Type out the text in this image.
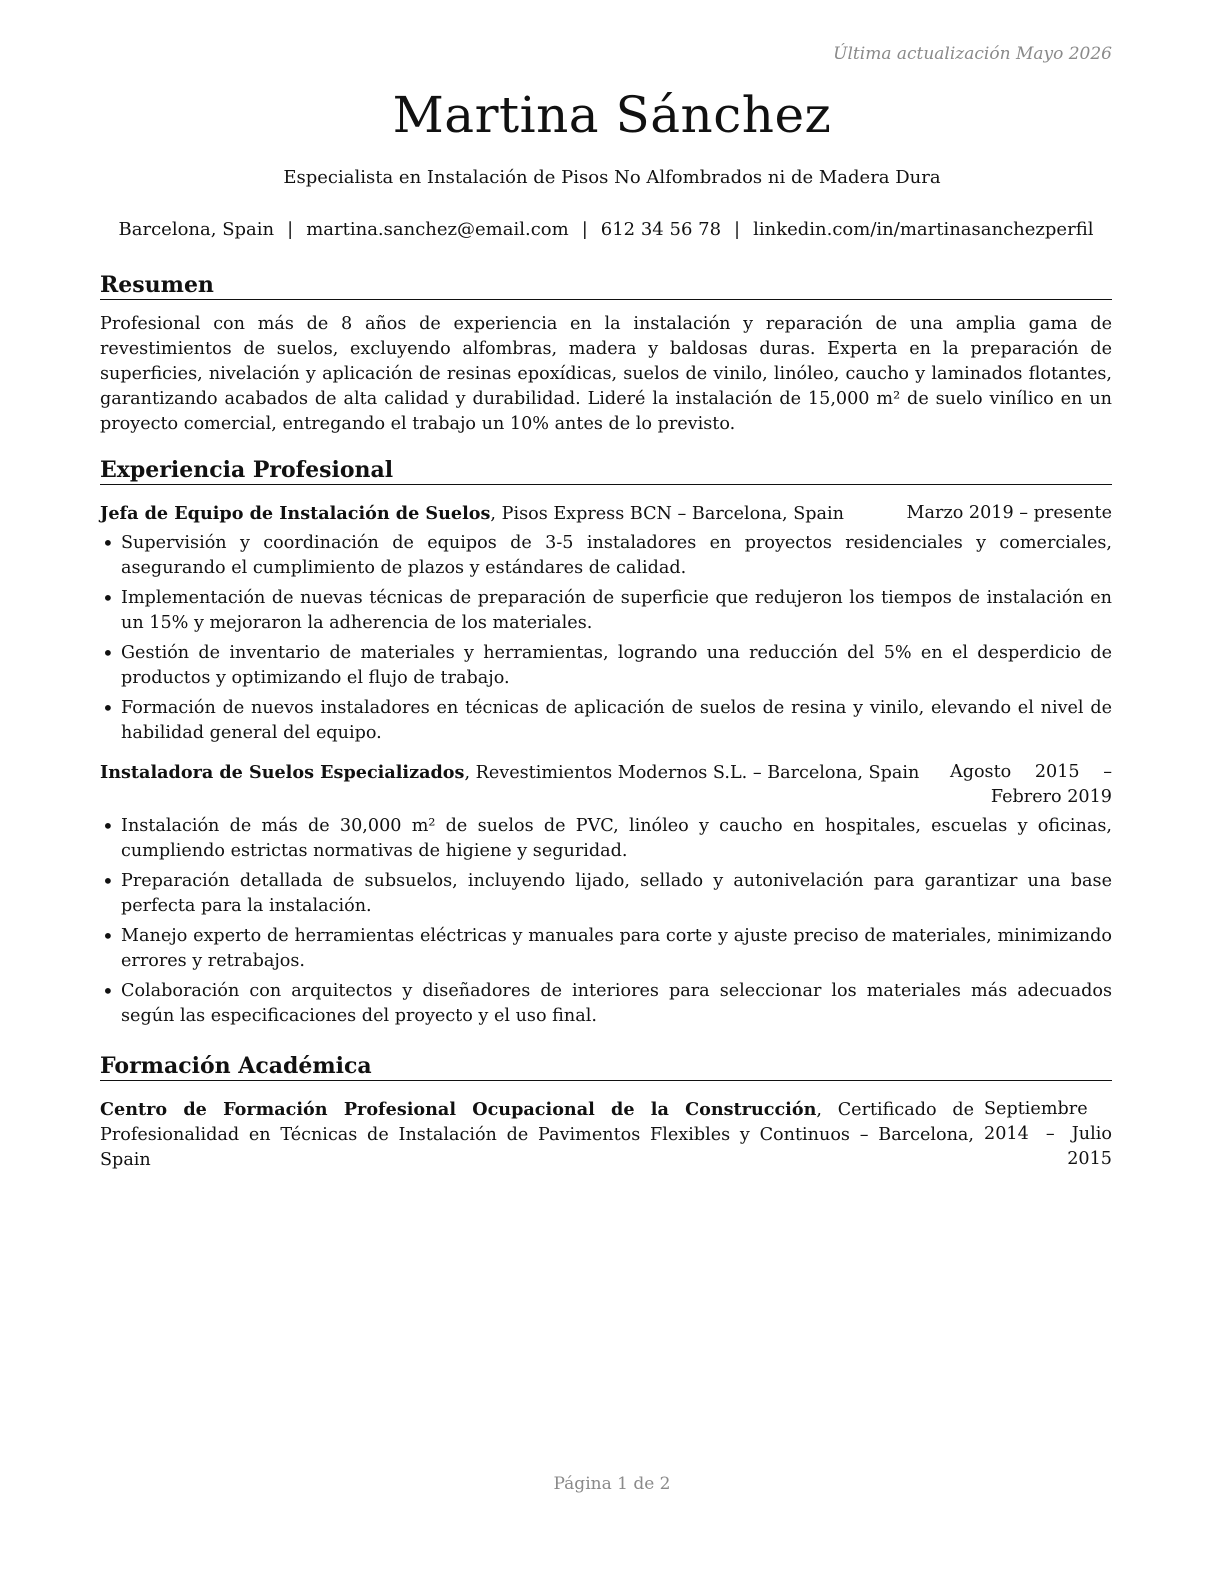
Última actualización Mayo 2026
Martina Sánchez
Especialista en Instalación de Pisos No Alfombrados ni de Madera Dura
Barcelona, Spain | martina.sanchez@email.com | 612 34 56 78 | linkedin.com/in/martinasanchezperfil
Resumen

Profesional con más de 8 años de experiencia en la instalación y reparación de una amplia gama de revestimientos de suelos, excluyendo alfombras, madera y baldosas duras. Experta en la preparación de superficies, nivelación y aplicación de resinas epoxídicas, suelos de vinilo, linóleo, caucho y laminados flotantes, garantizando acabados de alta calidad y durabilidad. Lideré la instalación de 15,000 m² de suelo vinílico en un proyecto comercial, entregando el trabajo un 10% antes de lo previsto.

Experiencia Profesional
Jefa de Equipo de Instalación de Suelos, Pisos Express BCN – Barcelona, Spain	Marzo 2019 – presente
• Supervisión y coordinación de equipos de 3-5 instaladores en proyectos residenciales y comerciales, asegurando el cumplimiento de plazos y estándares de calidad.
• Implementación de nuevas técnicas de preparación de superficie que redujeron los tiempos de instalación en un 15% y mejoraron la adherencia de los materiales.
• Gestión de inventario de materiales y herramientas, logrando una reducción del 5% en el desperdicio de productos y optimizando el flujo de trabajo.
• Formación de nuevos instaladores en técnicas de aplicación de suelos de resina y vinilo, elevando el nivel de habilidad general del equipo.
Instaladora de Suelos Especializados, Revestimientos Modernos S.L. – Barcelona, Spain	Agosto 2015 – Febrero 2019
• Instalación de más de 30,000 m² de suelos de PVC, linóleo y caucho en hospitales, escuelas y oficinas, cumpliendo estrictas normativas de higiene y seguridad.
• Preparación detallada de subsuelos, incluyendo lijado, sellado y autonivelación para garantizar una base perfecta para la instalación.
• Manejo experto de herramientas eléctricas y manuales para corte y ajuste preciso de materiales, minimizando errores y retrabajos.
• Colaboración con arquitectos y diseñadores de interiores para seleccionar los materiales más adecuados según las especificaciones del proyecto y el uso final.
Formación Académica
Centro de Formación Profesional Ocupacional de la Construcción, Certificado de Profesionalidad en Técnicas de Instalación de Pavimentos Flexibles y Continuos – Barcelona, Spain
Septiembre 2014 – Julio 2015
Página 1 de 2
